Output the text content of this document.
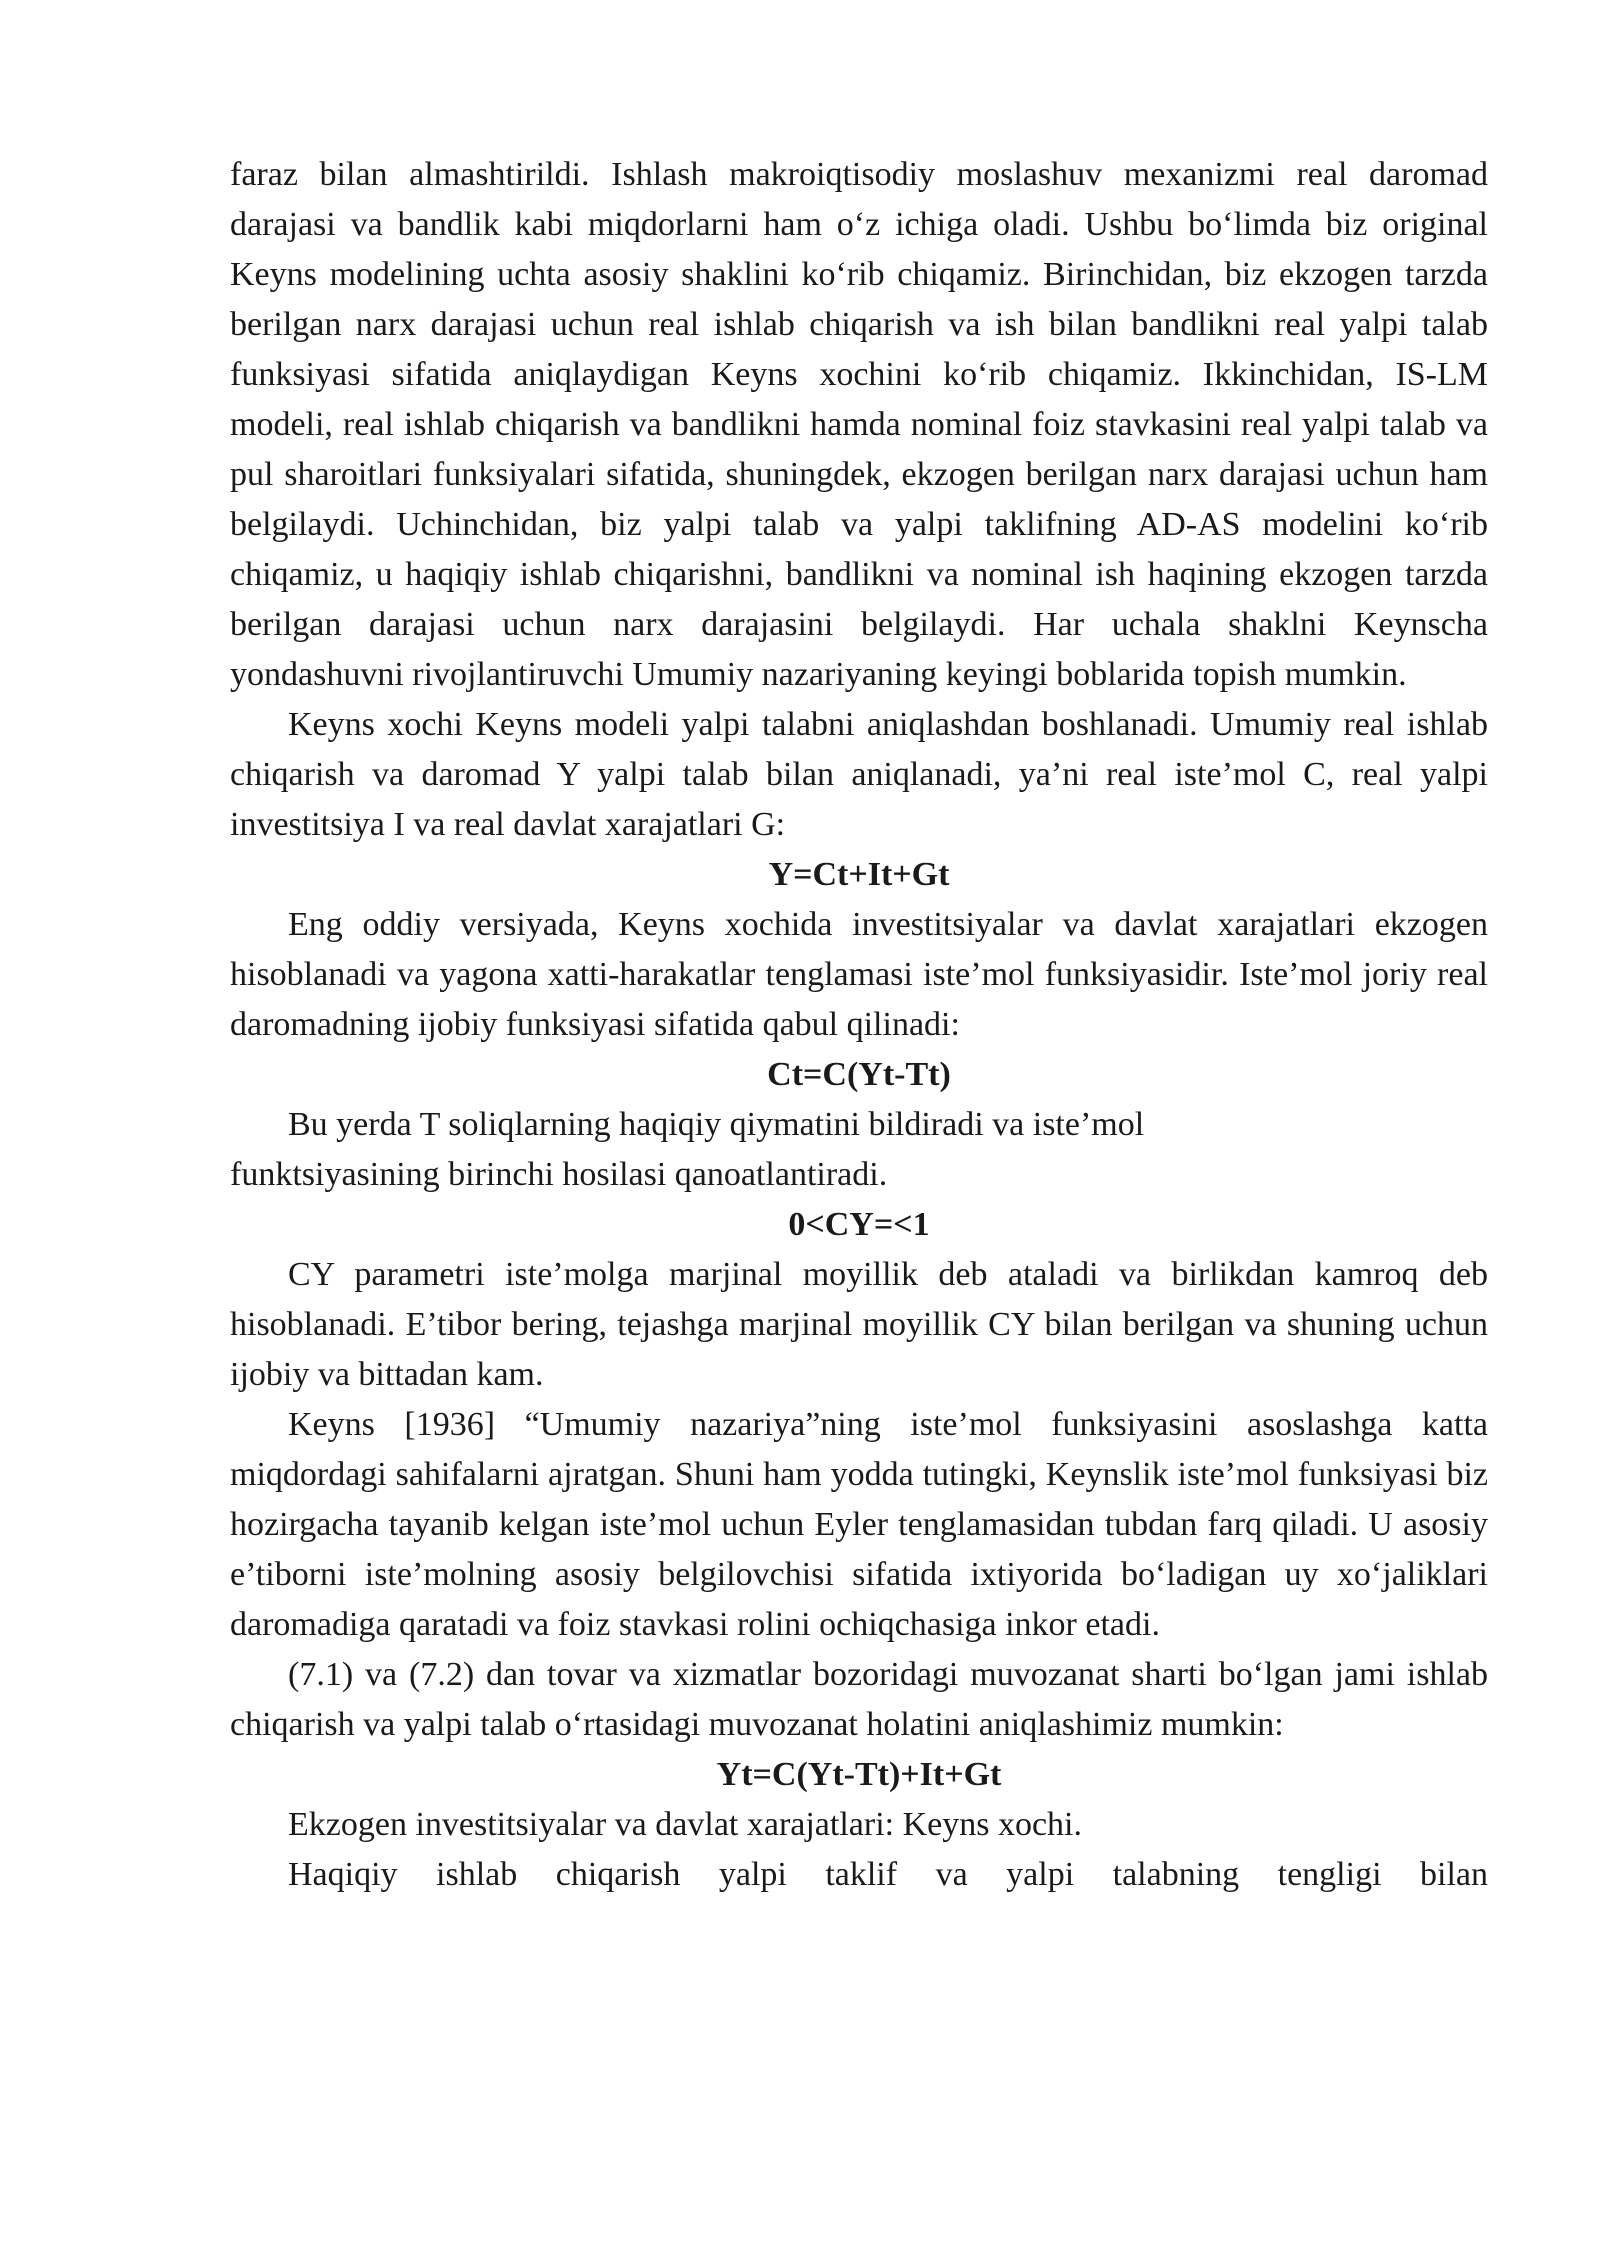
faraz bilan almashtirildi. Ishlash makroiqtisodiy moslashuv mexanizmi real daromad darajasi va bandlik kabi miqdorlarni ham o‘z ichiga oladi. Ushbu bo‘limda biz original Keyns modelining uchta asosiy shaklini ko‘rib chiqamiz. Birinchidan, biz ekzogen tarzda berilgan narx darajasi uchun real ishlab chiqarish va ish bilan bandlikni real yalpi talab funksiyasi sifatida aniqlaydigan Keyns xochini ko‘rib chiqamiz. Ikkinchidan, IS-LM modeli, real ishlab chiqarish va bandlikni hamda nominal foiz stavkasini real yalpi talab va pul sharoitlari funksiyalari sifatida, shuningdek, ekzogen berilgan narx darajasi uchun ham belgilaydi. Uchinchidan, biz yalpi talab va yalpi taklifning AD-AS modelini ko‘rib chiqamiz, u haqiqiy ishlab chiqarishni, bandlikni va nominal ish haqining ekzogen tarzda berilgan darajasi uchun narx darajasini belgilaydi. Har uchala shaklni Keynscha yondashuvni rivojlantiruvchi Umumiy nazariyaning keyingi boblarida topish mumkin.

Keyns xochi Keyns modeli yalpi talabni aniqlashdan boshlanadi. Umumiy real ishlab chiqarish va daromad Y yalpi talab bilan aniqlanadi, ya’ni real iste’mol C, real yalpi investitsiya I va real davlat xarajatlari G:

Y=Ct+It+Gt

Eng oddiy versiyada, Keyns xochida investitsiyalar va davlat xarajatlari ekzogen hisoblanadi va yagona xatti-harakatlar tenglamasi iste’mol funksiyasidir. Iste’mol joriy real daromadning ijobiy funksiyasi sifatida qabul qilinadi:

Ct=C(Yt-Tt)

Bu yerda T soliqlarning haqiqiy qiymatini bildiradi va iste’mol

funktsiyasining birinchi hosilasi qanoatlantiradi.

0<CY=<1

CY parametri iste’molga marjinal moyillik deb ataladi va birlikdan kamroq deb hisoblanadi. E’tibor bering, tejashga marjinal moyillik CY bilan berilgan va shuning uchun ijobiy va bittadan kam.

Keyns [1936] “Umumiy nazariya”ning iste’mol funksiyasini asoslashga katta miqdordagi sahifalarni ajratgan. Shuni ham yodda tutingki, Keynslik iste’mol funksiyasi biz hozirgacha tayanib kelgan iste’mol uchun Eyler tenglamasidan tubdan farq qiladi. U asosiy e’tiborni iste’molning asosiy belgilovchisi sifatida ixtiyorida bo‘ladigan uy xo‘jaliklari daromadiga qaratadi va foiz stavkasi rolini ochiqchasiga inkor etadi.

(7.1) va (7.2) dan tovar va xizmatlar bozoridagi muvozanat sharti bo‘lgan jami ishlab chiqarish va yalpi talab o‘rtasidagi muvozanat holatini aniqlashimiz mumkin:

Yt=C(Yt-Tt)+It+Gt

Ekzogen investitsiyalar va davlat xarajatlari: Keyns xochi.

Haqiqiy ishlab chiqarish yalpi taklif va yalpi talabning tengligi bilan
